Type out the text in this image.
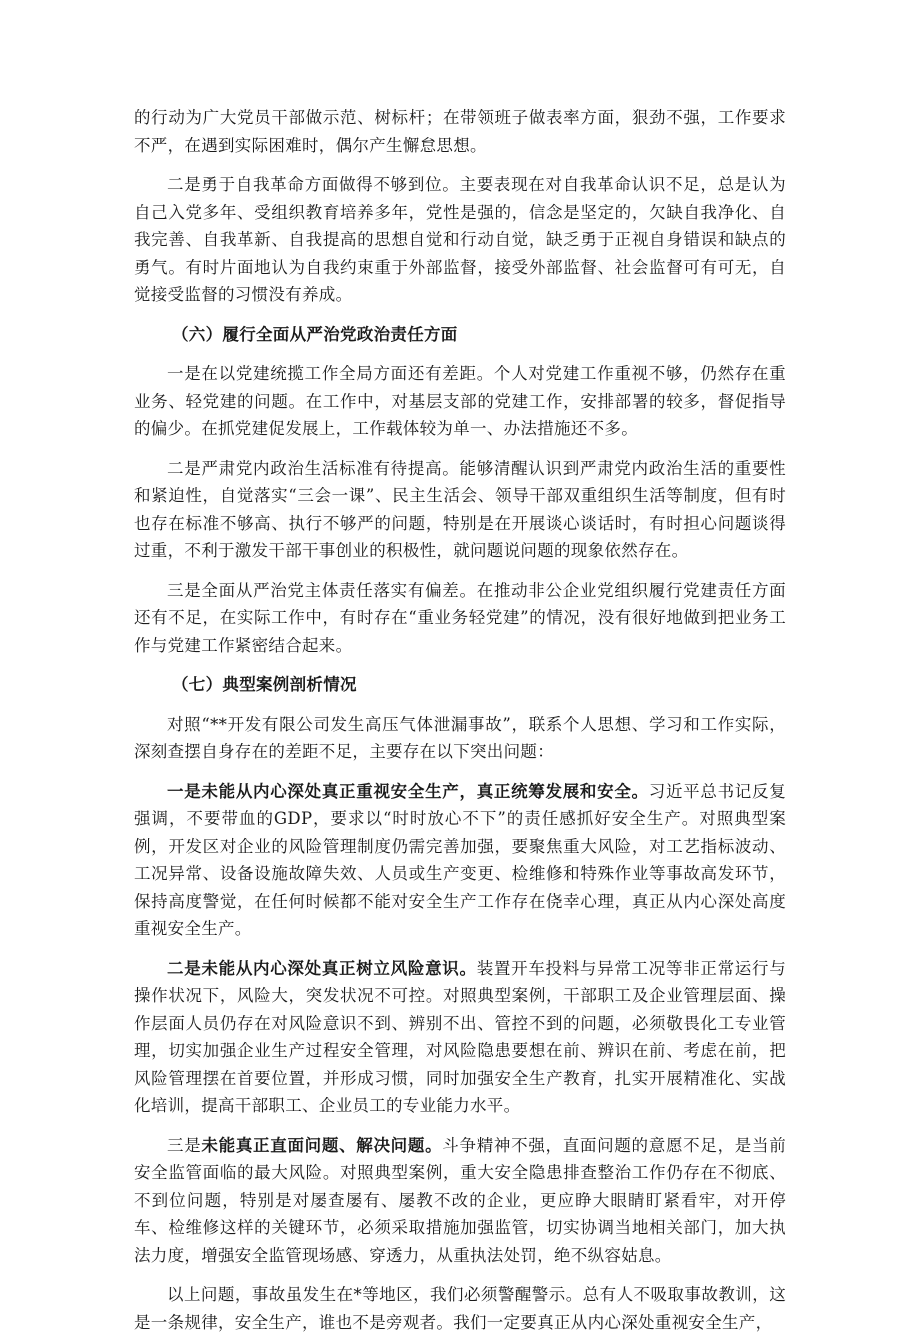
的行动为广大党员干部做示范、树标杆；在带领班子做表率方面，狠劲不强，工作要求不严，在遇到实际困难时，偶尔产生懈怠思想。

二是勇于自我革命方面做得不够到位。主要表现在对自我革命认识不足，总是认为自己入党多年、受组织教育培养多年，党性是强的，信念是坚定的，欠缺自我净化、自我完善、自我革新、自我提高的思想自觉和行动自觉，缺乏勇于正视自身错误和缺点的勇气。有时片面地认为自我约束重于外部监督，接受外部监督、社会监督可有可无，自觉接受监督的习惯没有养成。

（六）履行全面从严治党政治责任方面

一是在以党建统揽工作全局方面还有差距。个人对党建工作重视不够，仍然存在重业务、轻党建的问题。在工作中，对基层支部的党建工作，安排部署的较多，督促指导的偏少。在抓党建促发展上，工作载体较为单一、办法措施还不多。

二是严肃党内政治生活标准有待提高。能够清醒认识到严肃党内政治生活的重要性和紧迫性，自觉落实“三会一课”、民主生活会、领导干部双重组织生活等制度，但有时也存在标准不够高、执行不够严的问题，特别是在开展谈心谈话时，有时担心问题谈得过重，不利于激发干部干事创业的积极性，就问题说问题的现象依然存在。

三是全面从严治党主体责任落实有偏差。在推动非公企业党组织履行党建责任方面还有不足，在实际工作中，有时存在“重业务轻党建”的情况，没有很好地做到把业务工作与党建工作紧密结合起来。

（七）典型案例剖析情况

对照“**开发有限公司发生高压气体泄漏事故”，联系个人思想、学习和工作实际，深刻查摆自身存在的差距不足，主要存在以下突出问题：

一是未能从内心深处真正重视安全生产，真正统筹发展和安全。习近平总书记反复强调，不要带血的GDP，要求以“时时放心不下”的责任感抓好安全生产。对照典型案例，开发区对企业的风险管理制度仍需完善加强，要聚焦重大风险，对工艺指标波动、工况异常、设备设施故障失效、人员或生产变更、检维修和特殊作业等事故高发环节，保持高度警觉，在任何时候都不能对安全生产工作存在侥幸心理，真正从内心深处高度重视安全生产。

二是未能从内心深处真正树立风险意识。装置开车投料与异常工况等非正常运行与操作状况下，风险大，突发状况不可控。对照典型案例，干部职工及企业管理层面、操作层面人员仍存在对风险意识不到、辨别不出、管控不到的问题，必须敬畏化工专业管理，切实加强企业生产过程安全管理，对风险隐患要想在前、辨识在前、考虑在前，把风险管理摆在首要位置，并形成习惯，同时加强安全生产教育，扎实开展精准化、实战化培训，提高干部职工、企业员工的专业能力水平。

三是未能真正直面问题、解决问题。斗争精神不强，直面问题的意愿不足，是当前安全监管面临的最大风险。对照典型案例，重大安全隐患排查整治工作仍存在不彻底、不到位问题，特别是对屡查屡有、屡教不改的企业，更应睁大眼睛盯紧看牢，对开停车、检维修这样的关键环节，必须采取措施加强监管，切实协调当地相关部门，加大执法力度，增强安全监管现场感、穿透力，从重执法处罚，绝不纵容姑息。

以上问题，事故虽发生在*等地区，我们必须警醒警示。总有人不吸取事故教训，这是一条规律，安全生产，谁也不是旁观者。我们一定要真正从内心深处重视安全生产，
